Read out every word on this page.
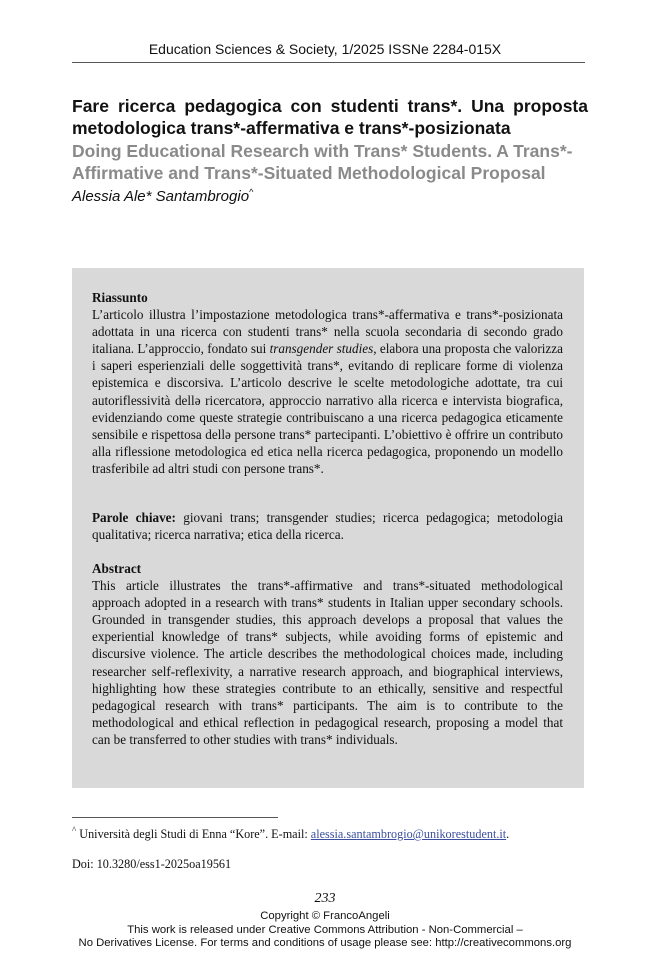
Education Sciences & Society, 1/2025 ISSNe 2284-015X
Fare ricerca pedagogica con studenti trans*. Una proposta metodologica trans*-affermativa e trans*-posizionata
Doing Educational Research with Trans* Students. A Trans*-Affirmative and Trans*-Situated Methodological Proposal
Alessia Ale* Santambrogio^
Riassunto
L’articolo illustra l’impostazione metodologica trans*-affermativa e trans*-posizionata adottata in una ricerca con studenti trans* nella scuola secondaria di secondo grado italiana. L’approccio, fondato sui transgender studies, elabora una proposta che valorizza i saperi esperienziali delle soggettività trans*, evitando di replicare forme di violenza epistemica e discorsiva. L’articolo descrive le scelte metodologiche adottate, tra cui autoriflessività dellə ricercatorə, approccio narrativo alla ricerca e intervista biografica, evidenziando come queste strategie contribuiscano a una ricerca pedagogica eticamente sensibile e rispettosa dellə persone trans* partecipanti. L’obiettivo è offrire un contributo alla riflessione metodologica ed etica nella ricerca pedagogica, proponendo un modello trasferibile ad altri studi con persone trans*.
Parole chiave: giovani trans; transgender studies; ricerca pedagogica; metodologia qualitativa; ricerca narrativa; etica della ricerca.
Abstract
This article illustrates the trans*-affirmative and trans*-situated methodological approach adopted in a research with trans* students in Italian upper secondary schools. Grounded in transgender studies, this approach develops a proposal that values the experiential knowledge of trans* subjects, while avoiding forms of epistemic and discursive violence. The article describes the methodological choices made, including researcher self-reflexivity, a narrative research approach, and biographical interviews, highlighting how these strategies contribute to an ethically, sensitive and respectful pedagogical research with trans* participants. The aim is to contribute to the methodological and ethical reflection in pedagogical research, proposing a model that can be transferred to other studies with trans* individuals.
^ Università degli Studi di Enna “Kore”. E-mail: alessia.santambrogio@unikorestudent.it.
Doi: 10.3280/ess1-2025oa19561
233
Copyright © FrancoAngeli
This work is released under Creative Commons Attribution - Non-Commercial –
No Derivatives License. For terms and conditions of usage please see: http://creativecommons.org
